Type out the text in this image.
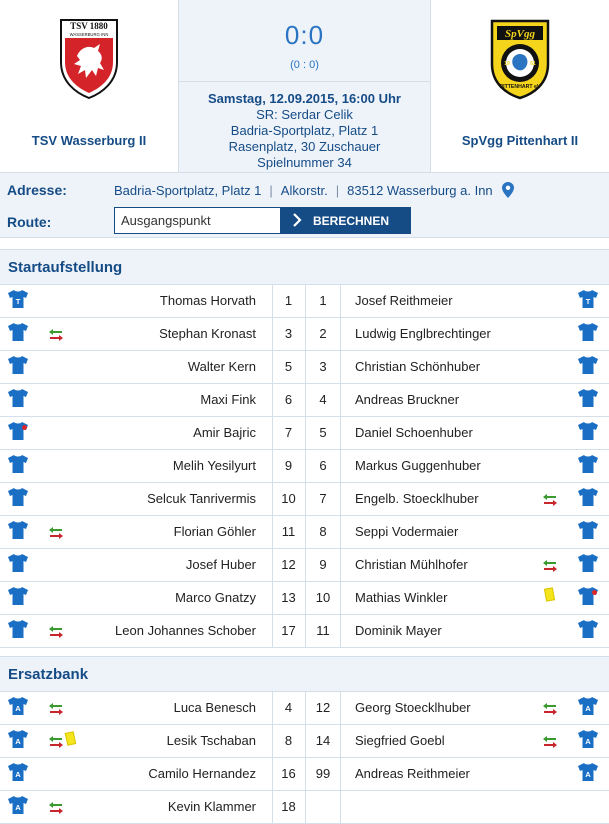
TSV 1880
WASSERBURG·INN
TSV Wasserburg II
0:0
(0 : 0)
Samstag, 12.09.2015, 16:00 Uhr
SR: Serdar Celik
Badria-Sportplatz, Platz 1
Rasenplatz, 30 Zuschauer
Spielnummer 34
SpVgg
19	61
PITTENHART eV
SpVgg Pittenhart II
Adresse:	Badria-Sportplatz, Platz 1 | Alkorstr. | 83512 Wasserburg a. Inn
Route:
Ausgangspunkt	BERECHNEN
Startaufstellung
T	Thomas Horvath	1	1	Josef Reithmeier	T
Stephan Kronast	3	2	Ludwig Englbrechtinger
Walter Kern	5	3	Christian Schönhuber
Maxi Fink	6	4	Andreas Bruckner
Amir Bajric	7	5	Daniel Schoenhuber
Melih Yesilyurt	9	6	Markus Guggenhuber
Selcuk Tanrivermis	10	7	Engelb. Stoecklhuber
Florian Göhler	11	8	Seppi Vodermaier
Josef Huber	12	9	Christian Mühlhofer
Marco Gnatzy	13	10	Mathias Winkler
Leon Johannes Schober	17	11	Dominik Mayer
Ersatzbank
A	Luca Benesch	4	12	Georg Stoecklhuber	A
A	Lesik Tschaban	8	14	Siegfried Goebl	A
A	Camilo Hernandez	16	99	Andreas Reithmeier	A
A	Kevin Klammer	18
